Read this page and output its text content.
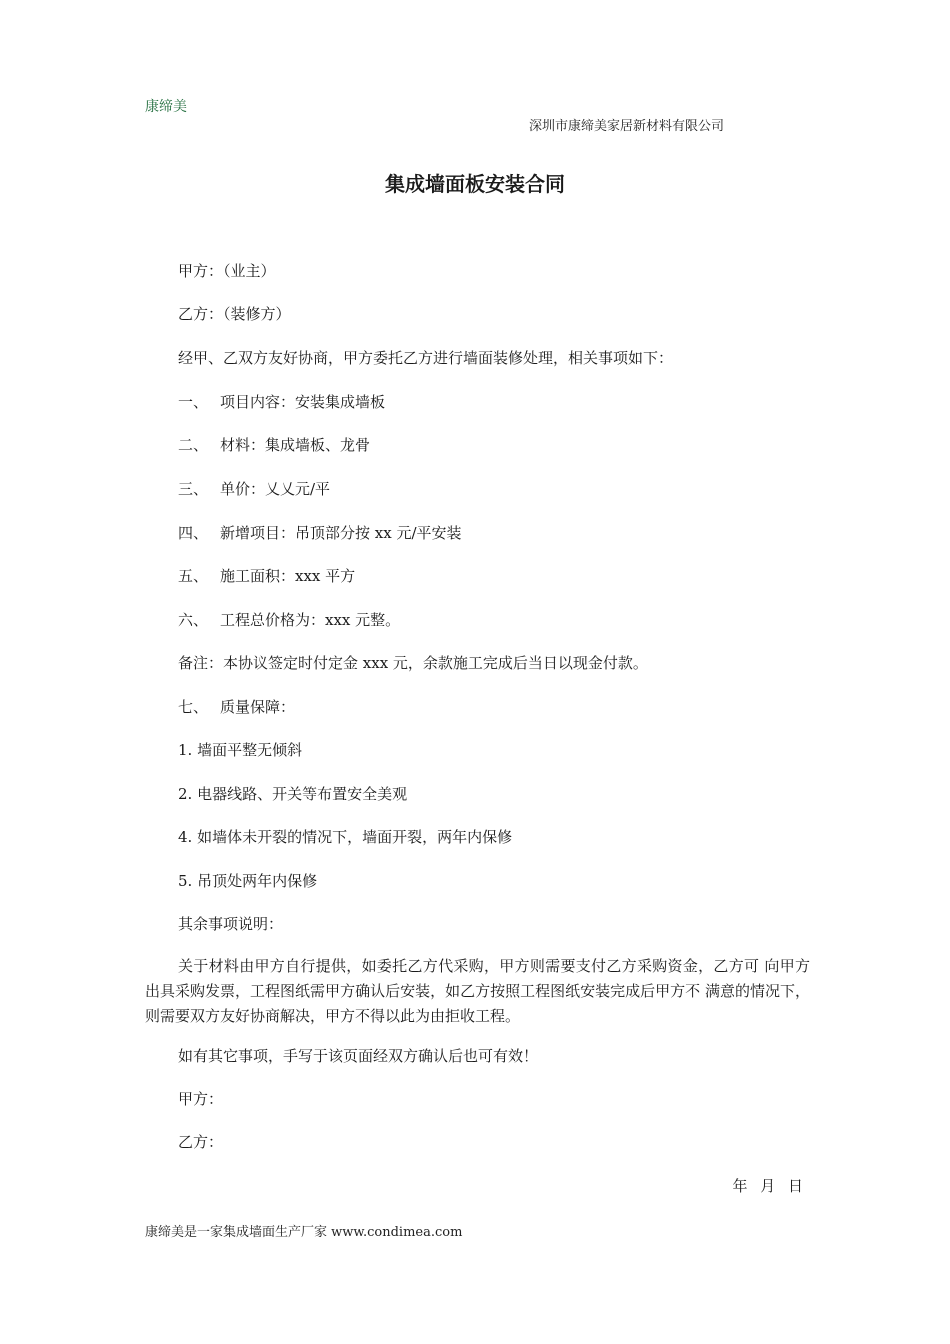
康缔美
深圳市康缔美家居新材料有限公司
集成墙面板安装合同
甲方：（业主）
乙方：（装修方）
经甲、乙双方友好协商，甲方委托乙方进行墙面装修处理，相关事项如下：
一、 项目内容：安装集成墙板
二、 材料：集成墙板、龙骨
三、 单价：乂乂元/平
四、 新增项目：吊顶部分按 xx 元/平安装
五、 施工面积：xxx 平方
六、 工程总价格为：xxx 元整。
备注：本协议签定时付定金 xxx 元，余款施工完成后当日以现金付款。
七、 质量保障：
1. 墙面平整无倾斜
2. 电器线路、开关等布置安全美观
4. 如墙体未开裂的情况下，墙面开裂，两年内保修
5. 吊顶处两年内保修
其余事项说明：
关于材料由甲方自行提供，如委托乙方代采购，甲方则需要支付乙方采购资金，乙方可 向甲方出具采购发票，工程图纸需甲方确认后安装，如乙方按照工程图纸安装完成后甲方不 满意的情况下，则需要双方友好协商解决，甲方不得以此为由拒收工程。
如有其它事项，手写于该页面经双方确认后也可有效！
甲方：
乙方：
年 月 日
康缔美是一家集成墙面生产厂家 www.condimea.com
